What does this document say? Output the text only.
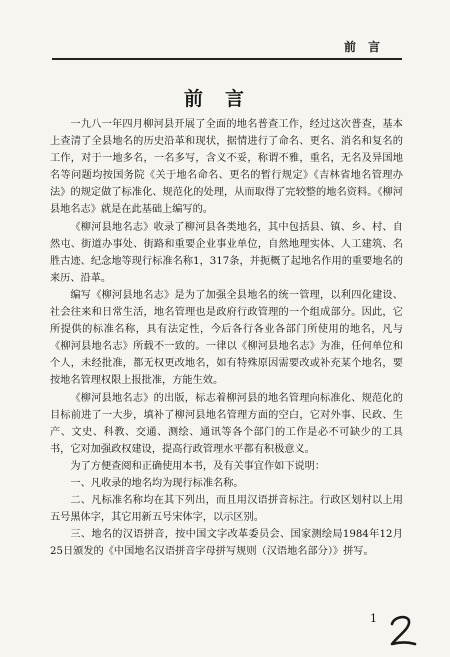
前言
前言

一九八一年四月柳河县开展了全面的地名普查工作，经过这次普查，基本上查清了全县地名的历史沿革和现状，据情进行了命名、更名、消名和复名的工作，对于一地多名，一名多写，含义不妥，称谓不雅，重名，无名及异国地名等问题均按国务院《关于地名命名、更名的暂行规定》《吉林省地名管理办法》的规定做了标准化、规范化的处理，从而取得了完较整的地名资料。《柳河县地名志》就是在此基础上编写的。

《柳河县地名志》收录了柳河县各类地名，其中包括县、镇、乡、村、自然屯、街道办事处、街路和重要企业事业单位，自然地理实体、人工建筑、名胜古迹、纪念地等现行标准名称1，317条，并扼概了起地名作用的重要地名的来历、沿革。

编写《柳河县地名志》是为了加强全县地名的统一管理，以利四化建设、社会往来和日常生活，地名管理也是政府行政管理的一个组成部分。因此，它所提供的标准名称，具有法定性，今后各行各业各部门所使用的地名，凡与《柳河县地名志》所载不一致的。一律以《柳河县地名志》为准，任何单位和个人，未经批准，都无权更改地名，如有特殊原因需要改或补充某个地名，要按地名管理权限上报批准，方能生效。

《柳河县地名志》的出版，标志着柳河县的地名管理向标准化、规范化的目标前进了一大步，填补了柳河县地名管理方面的空白，它对外事、民政、生产、文史、科教、交通、测绘、通讯等各个部门的工作是必不可缺少的工具书，它对加强政权建设，提高行政管理水平都有积极意义。

为了方便查阅和正确使用本书，及有关事宜作如下说明：

一、凡收录的地名均为现行标准名称。

二、凡标准名称均在其下列出，而且用汉语拼音标注。行政区划村以上用五号黑体字，其它用新五号宋体字，以示区别。

三、地名的汉语拼音，按中国文字改革委员会、国家测绘局1984年12月25日颁发的《中国地名汉语拼音字母拼写规则（汉语地名部分）》拼写。

1
